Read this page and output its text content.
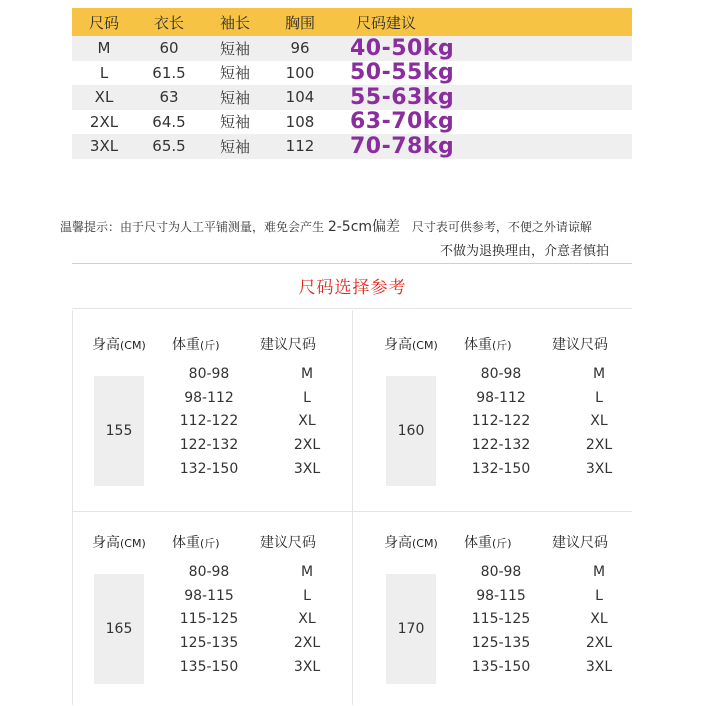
尺码	衣长	袖长	胸围	尺码建议
M	60	短袖	96	40-50kg
L	61.5	短袖	100	50-55kg
XL	63	短袖	104	55-63kg
2XL	64.5	短袖	108	63-70kg
3XL	65.5	短袖	112	70-78kg
温馨提示：由于尺寸为人工平铺测量，难免会产生 2-5cm偏差 尺寸表可供参考，不便之外请谅解
不做为退换理由，介意者慎拍
尺码选择参考
身高(CM) 体重(斤)	建议尺码
155
80-98	M
98-112	L
112-122	XL
122-132	2XL
132-150	3XL
身高(CM) 体重(斤)	建议尺码
160
80-98	M
98-112	L
112-122	XL
122-132	2XL
132-150	3XL
身高(CM) 体重(斤)	建议尺码
165
80-98	M
98-115	L
115-125	XL
125-135	2XL
135-150	3XL
身高(CM) 体重(斤)	建议尺码
170
80-98	M
98-115	L
115-125	XL
125-135	2XL
135-150	3XL
